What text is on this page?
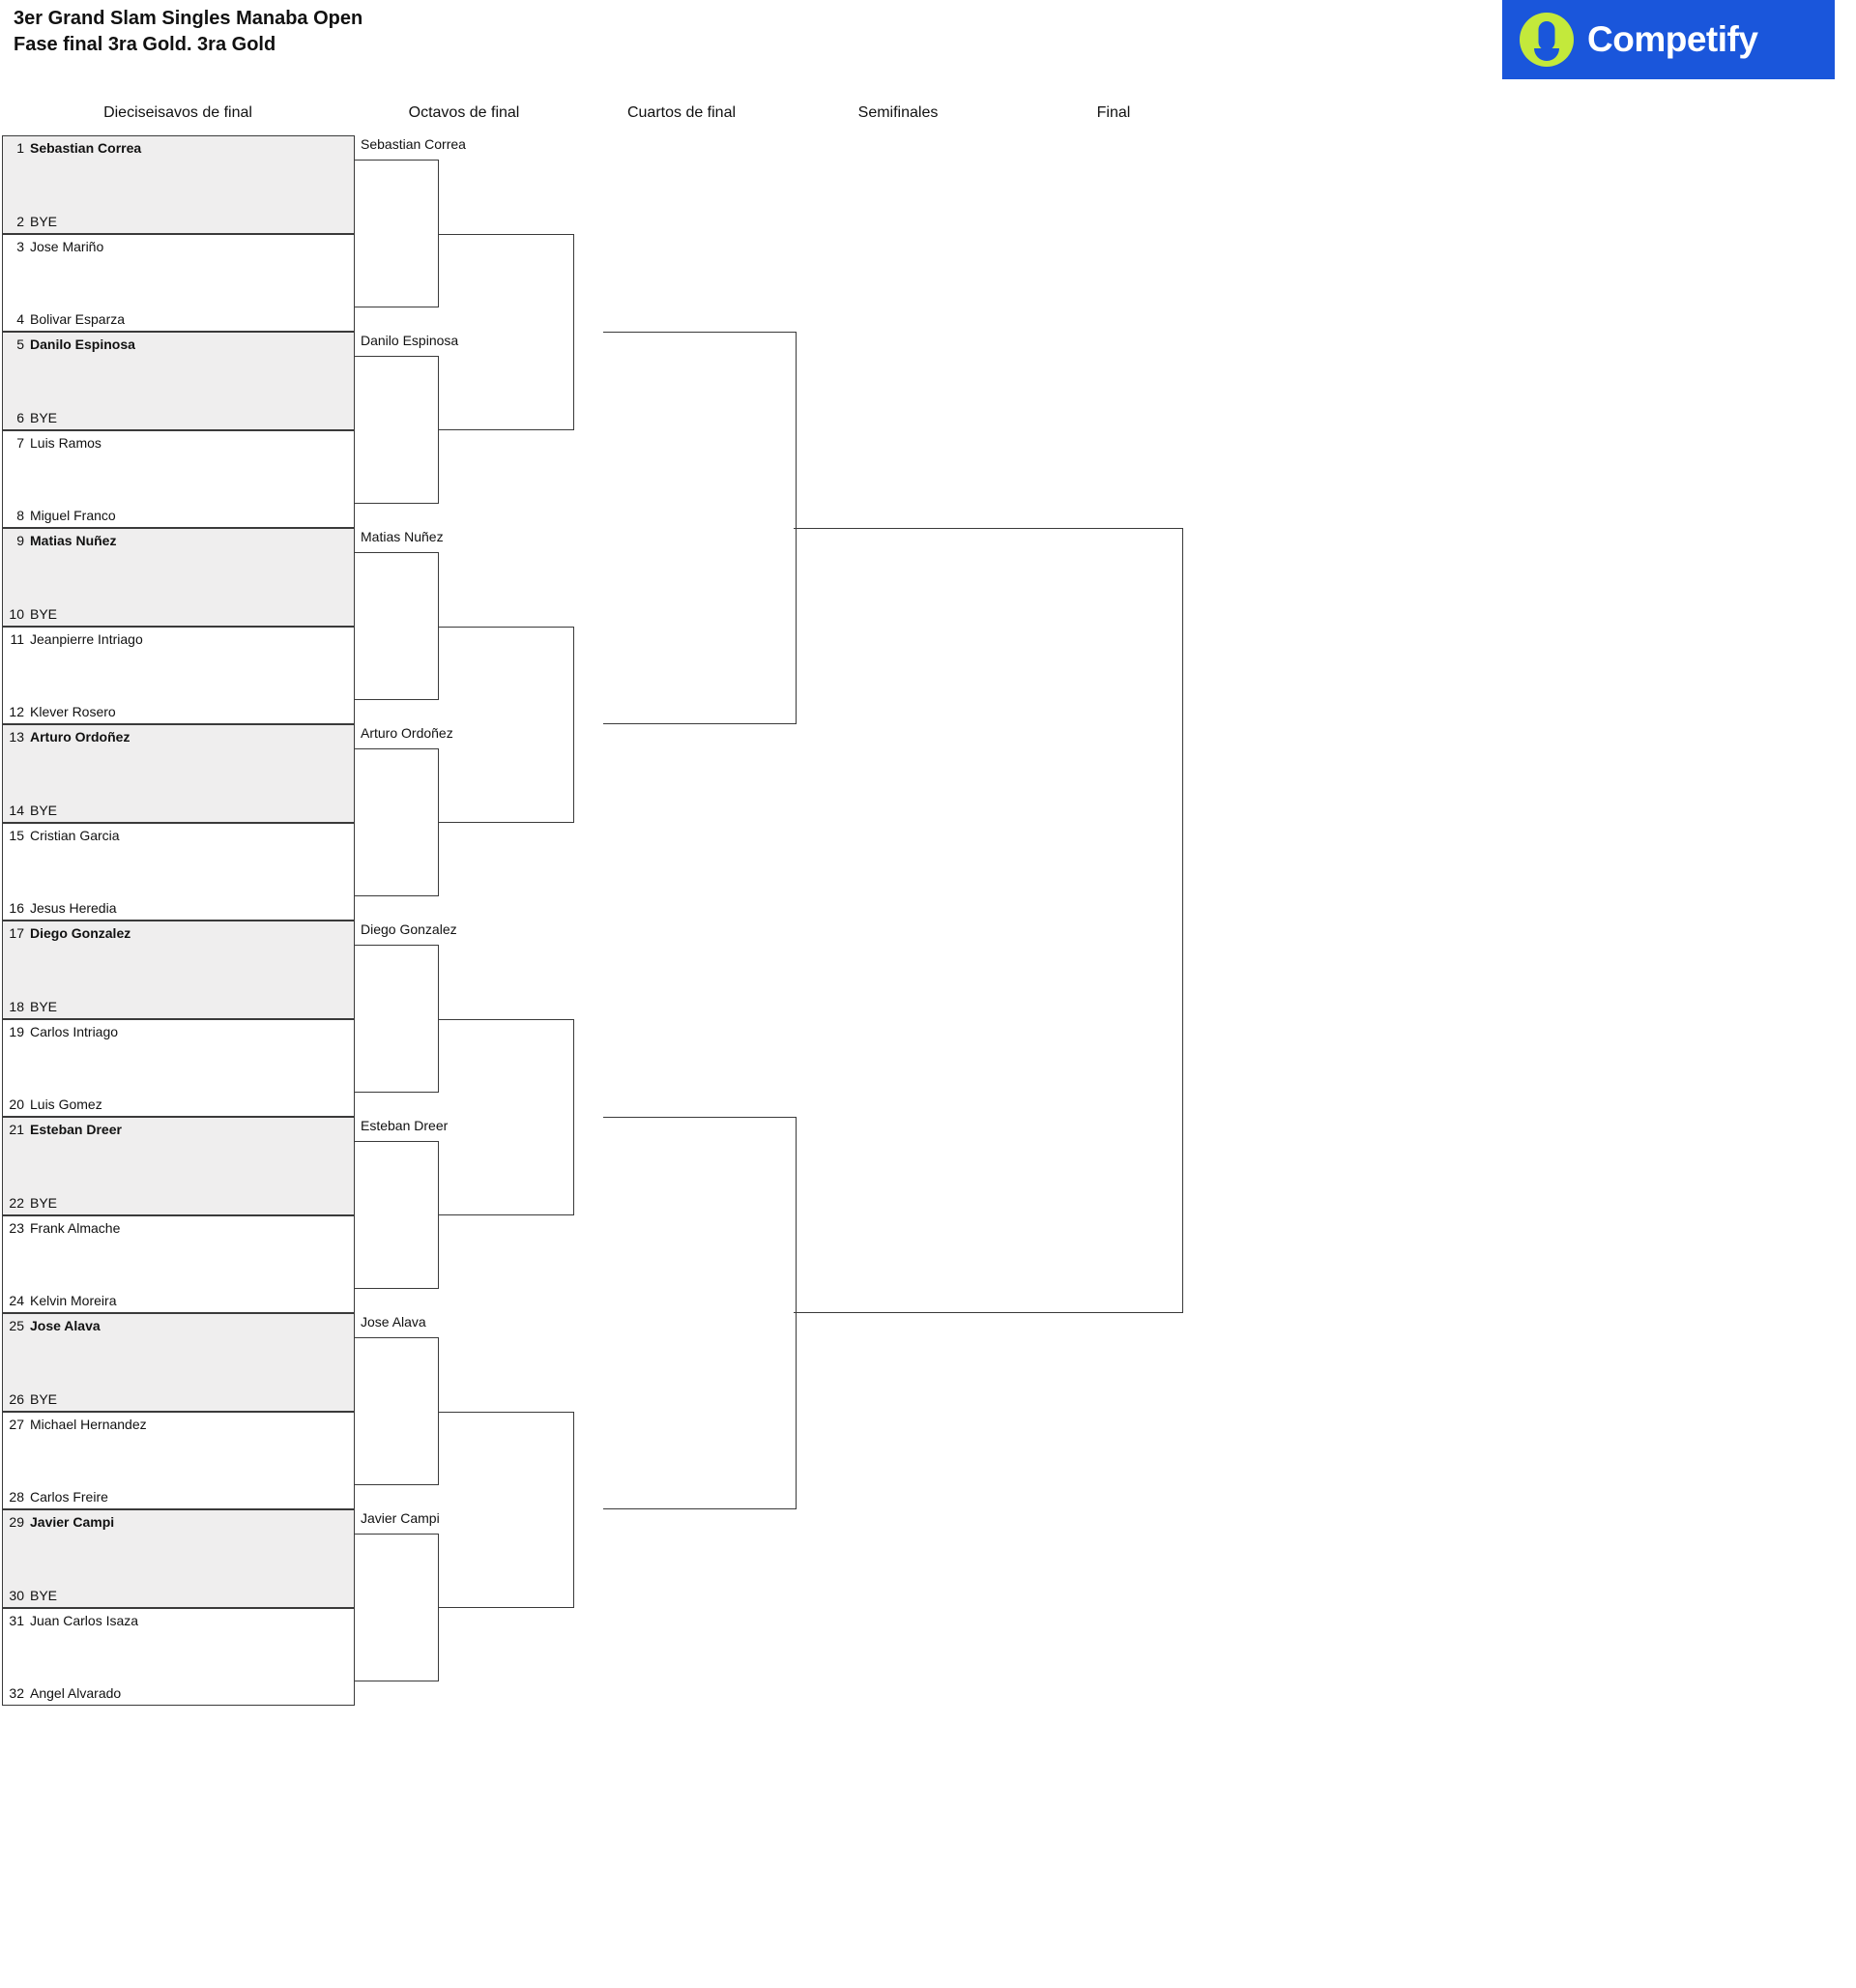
3er Grand Slam Singles Manaba Open
Fase final 3ra Gold. 3ra Gold	Competify
Dieciseisavos de final	Octavos de final	Cuartos de final	Semifinales	Final
1 Sebastian Correa
2 BYE
3 Jose Mariño
4 Bolivar Esparza
5 Danilo Espinosa
6 BYE
7 Luis Ramos
8 Miguel Franco
9 Matias Nuñez
10 BYE
11 Jeanpierre Intriago
12 Klever Rosero
13 Arturo Ordoñez
14 BYE
15 Cristian Garcia
16 Jesus Heredia
17 Diego Gonzalez
18 BYE
19 Carlos Intriago
20 Luis Gomez
21 Esteban Dreer
22 BYE
23 Frank Almache
24 Kelvin Moreira
25 Jose Alava
26 BYE
27 Michael Hernandez
28 Carlos Freire
29 Javier Campi
30 BYE
31 Juan Carlos Isaza
32 Angel Alvarado
Sebastian Correa
Danilo Espinosa
Matias Nuñez
Arturo Ordoñez
Diego Gonzalez
Esteban Dreer
Jose Alava
Javier Campi
